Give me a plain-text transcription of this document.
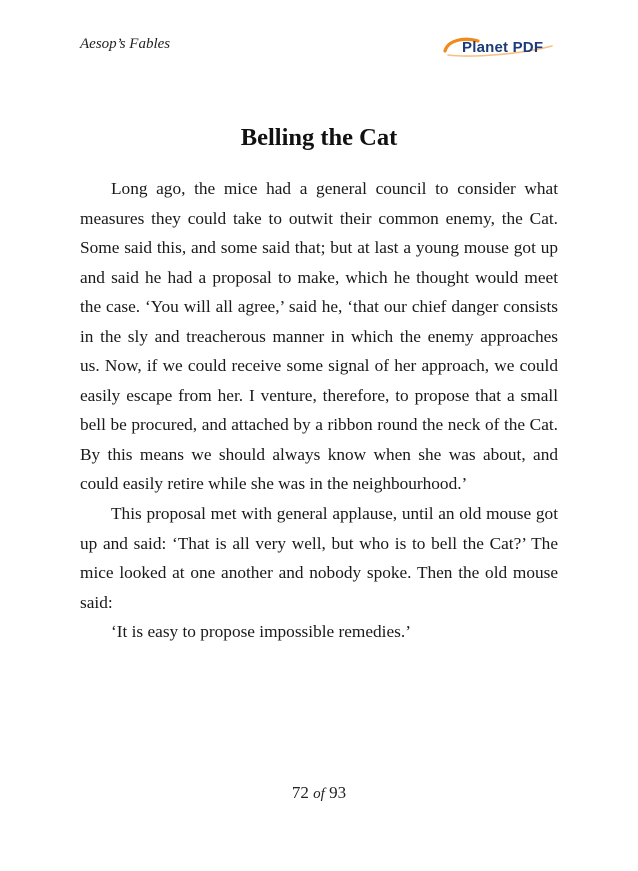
Aesop’s Fables	Planet PDF
Belling the Cat

Long ago, the mice had a general council to consider what measures they could take to outwit their common enemy, the Cat. Some said this, and some said that; but at last a young mouse got up and said he had a proposal to make, which he thought would meet the case. ‘You will all agree,’ said he, ‘that our chief danger consists in the sly and treacherous manner in which the enemy approaches us. Now, if we could receive some signal of her approach, we could easily escape from her. I venture, therefore, to propose that a small bell be procured, and attached by a ribbon round the neck of the Cat. By this means we should always know when she was about, and could easily retire while she was in the neighbourhood.’

This proposal met with general applause, until an old mouse got up and said: ‘That is all very well, but who is to bell the Cat?’ The mice looked at one another and nobody spoke. Then the old mouse said:

‘It is easy to propose impossible remedies.’

72 of 93
